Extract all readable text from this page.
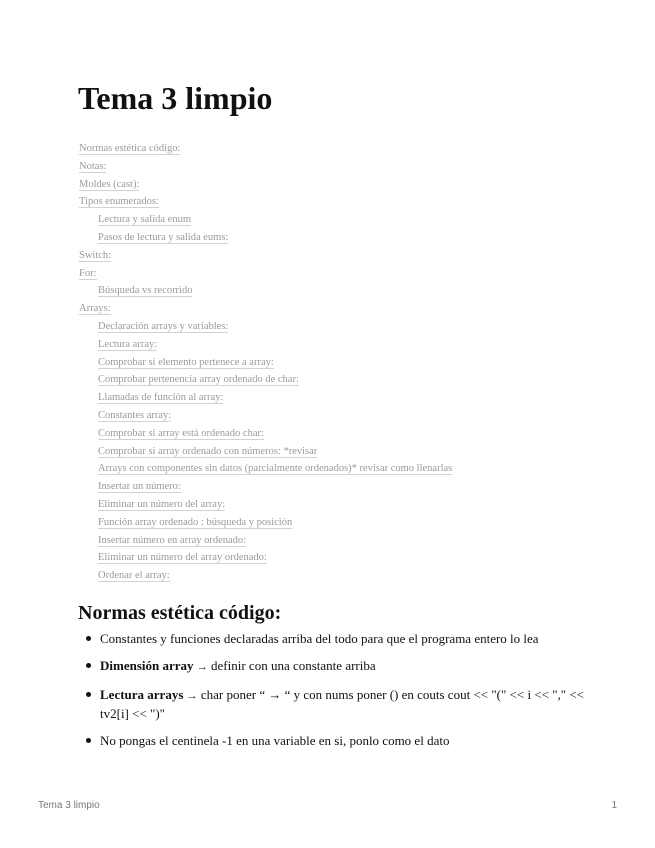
Tema 3 limpio
Normas estética código:
Notas:
Moldes (cast):
Tipos enumerados:
Lectura y salida enum
Pasos de lectura y salida eums:
Switch:
For:
Búsqueda vs recorrido
Arrays:
Declaración arrays y variables:
Lectura array:
Comprobar si elemento pertenece a array:
Comprobar pertenencia array ordenado de char:
Llamadas de función al array:
Constantes array:
Comprobar si array está ordenado char:
Comprobar si array ordenado con números: *revisar
Arrays con componentes sin datos (parcialmente ordenados)* revisar como llenarlas
Insertar un número:
Eliminar un número del array:
Función array ordenado : búsqueda y posición
Insertar número en array ordenado:
Eliminar un número del array ordenado:
Ordenar el array:
Normas estética código:
Constantes y funciones declaradas arriba del todo para que el programa entero lo lea
Dimensión array → definir con una constante arriba
Lectura arrays → char poner “ → “ y con nums poner () en couts cout << "(" << i << "," << tv2[i] << ")"
No pongas el centinela -1 en una variable en si, ponlo como el dato
Tema 3 limpio	1
